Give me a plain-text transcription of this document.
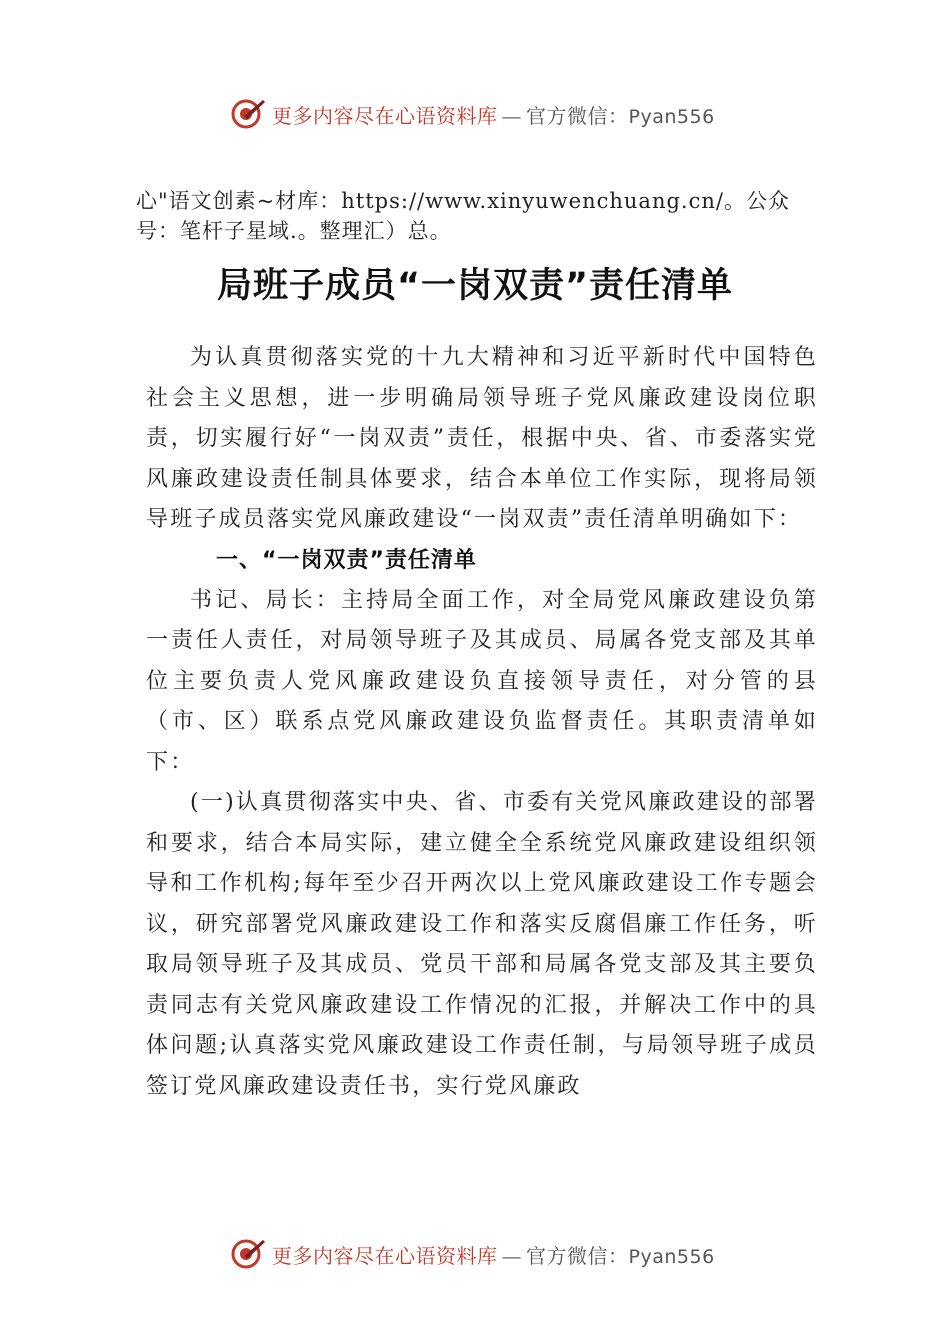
更多内容尽在心语资料库 — 官方微信：Pyan556
心"语文创素~材库：https://www.xinyuwenchuang.cn/。公众号：笔杆子星域.。整理汇）总。
局班子成员“一岗双责”责任清单

为认真贯彻落实党的十九大精神和习近平新时代中国特色社会主义思想，进一步明确局领导班子党风廉政建设岗位职责，切实履行好“一岗双责”责任，根据中央、省、市委落实党风廉政建设责任制具体要求，结合本单位工作实际，现将局领导班子成员落实党风廉政建设“一岗双责”责任清单明确如下：

一、“一岗双责”责任清单

书记、局长：主持局全面工作，对全局党风廉政建设负第一责任人责任，对局领导班子及其成员、局属各党支部及其单位主要负责人党风廉政建设负直接领导责任，对分管的县（市、区）联系点党风廉政建设负监督责任。其职责清单如下：

(一)认真贯彻落实中央、省、市委有关党风廉政建设的部署和要求，结合本局实际，建立健全全系统党风廉政建设组织领导和工作机构;每年至少召开两次以上党风廉政建设工作专题会议，研究部署党风廉政建设工作和落实反腐倡廉工作任务，听取局领导班子及其成员、党员干部和局属各党支部及其主要负责同志有关党风廉政建设工作情况的汇报，并解决工作中的具体问题;认真落实党风廉政建设工作责任制，与局领导班子成员签订党风廉政建设责任书，实行党风廉政

更多内容尽在心语资料库 — 官方微信：Pyan556
